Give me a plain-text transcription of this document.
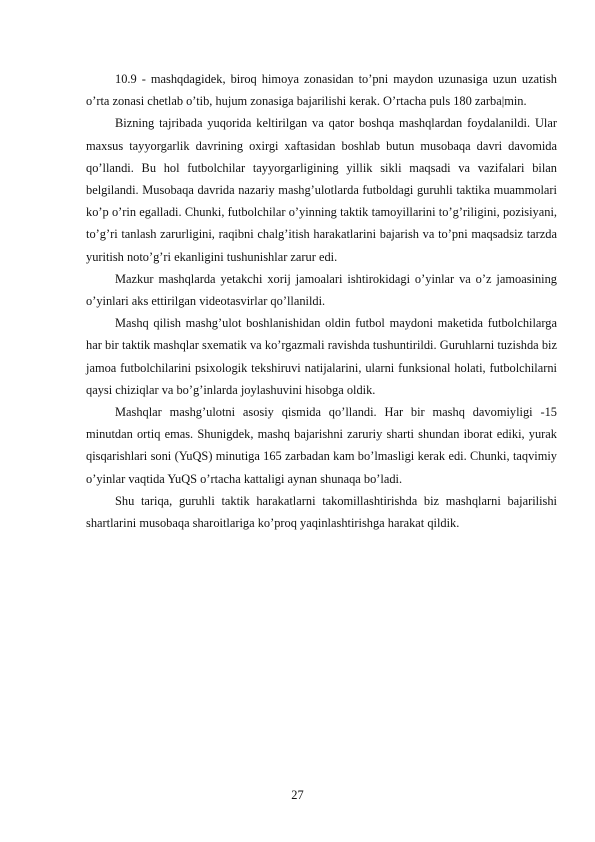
10.9 - mashqdagidek, biroq himoya zonasidan to’pni maydon uzunasiga uzun uzatish o’rta zonasi chetlab o’tib, hujum zonasiga bajarilishi kerak. O’rtacha puls 180 zarba|min.

Bizning tajribada yuqorida keltirilgan va qator boshqa mashqlardan foydalanildi. Ular maxsus tayyorgarlik davrining oxirgi xaftasidan boshlab butun musobaqa davri davomida qo’llandi. Bu hol futbolchilar tayyorgarligining yillik sikli maqsadi va vazifalari bilan belgilandi. Musobaqa davrida nazariy mashg’ulotlarda futboldagi guruhli taktika muammolari ko’p o’rin egalladi. Chunki, futbolchilar o’yinning taktik tamoyillarini to’g’riligini, pozisiyani, to’g’ri tanlash zarurligini, raqibni chalg’itish harakatlarini bajarish va to’pni maqsadsiz tarzda yuritish noto’g’ri ekanligini tushunishlar zarur edi.

Mazkur mashqlarda yetakchi xorij jamoalari ishtirokidagi o’yinlar va o’z jamoasining o’yinlari aks ettirilgan videotasvirlar qo’llanildi.

Mashq qilish mashg’ulot boshlanishidan oldin futbol maydoni maketida futbolchilarga har bir taktik mashqlar sxematik va ko’rgazmali ravishda tushuntirildi. Guruhlarni tuzishda biz jamoa futbolchilarini psixologik tekshiruvi natijalarini, ularni funksional holati, futbolchilarni qaysi chiziqlar va bo’g’inlarda joylashuvini hisobga oldik.

Mashqlar mashg’ulotni asosiy qismida qo’llandi. Har bir mashq davomiyligi -15 minutdan ortiq emas. Shunigdek, mashq bajarishni zaruriy sharti shundan iborat ediki, yurak qisqarishlari soni (YuQS) minutiga 165 zarbadan kam bo’lmasligi kerak edi. Chunki, taqvimiy o’yinlar vaqtida YuQS o’rtacha kattaligi aynan shunaqa bo’ladi.

Shu tariqa, guruhli taktik harakatlarni takomillashtirishda biz mashqlarni bajarilishi shartlarini musobaqa sharoitlariga ko’proq yaqinlashtirishga harakat qildik.

27
